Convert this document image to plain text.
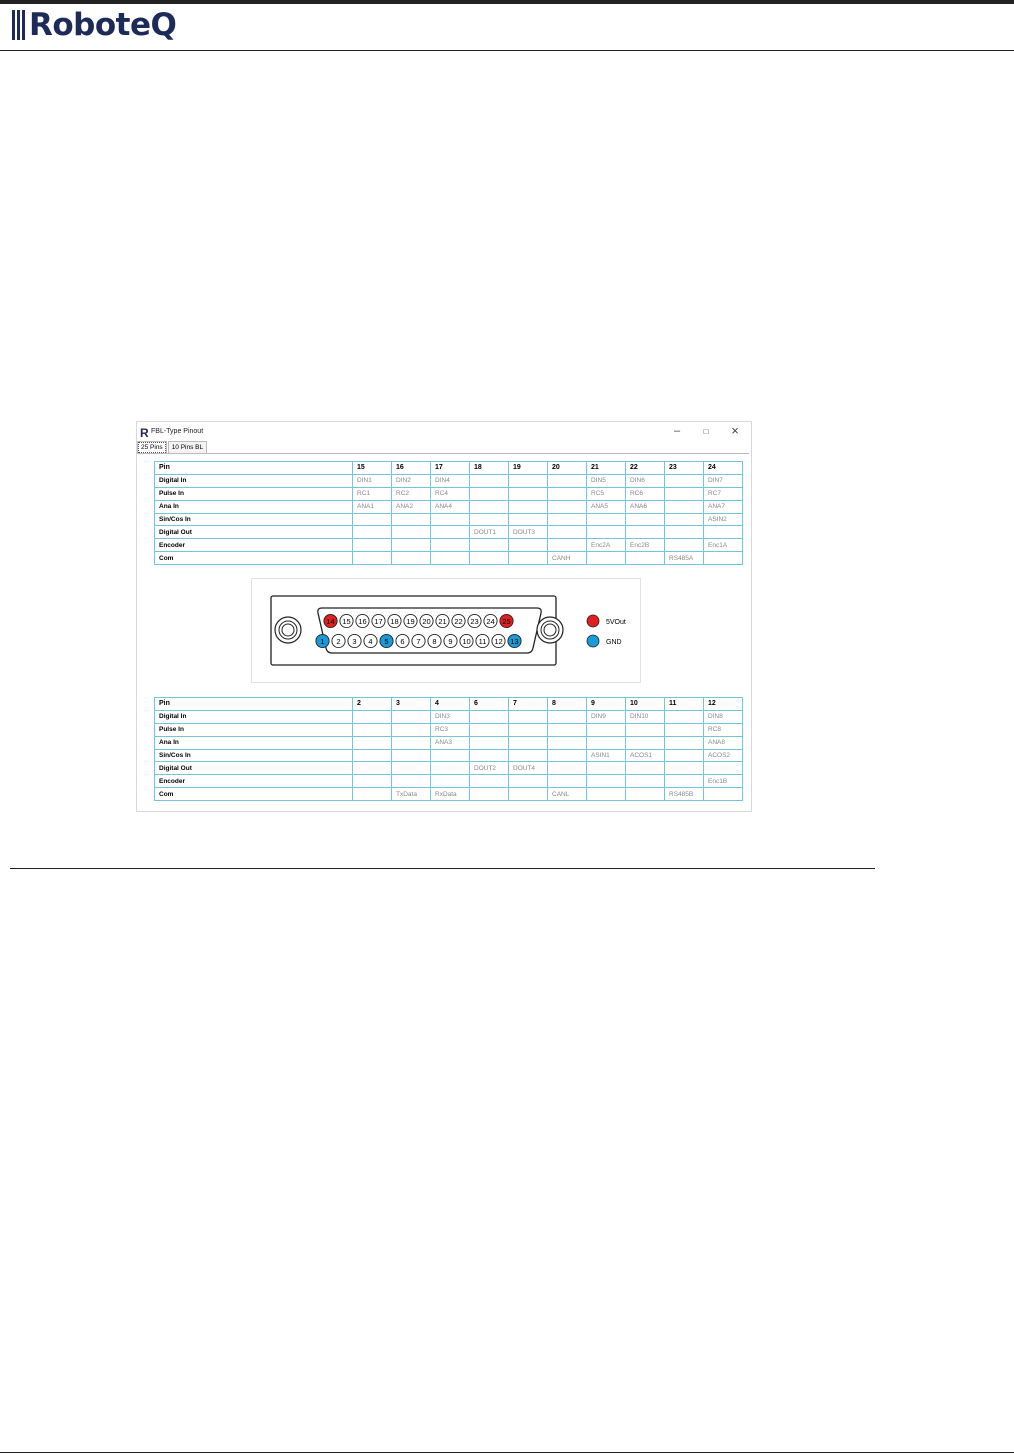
RoboteQ
R FBL-Type Pinout	–	□	×
25 Pins	10 Pins BL
Pin	15	16	17	18	19	20	21	22	23	24
Digital In	DIN1	DIN2	DIN4				DIN5	DIN6		DIN7
Pulse In	RC1	RC2	RC4				RC5	RC6		RC7
Ana In	ANA1	ANA2	ANA4				ANA5	ANA6		ANA7
Sin/Cos In										ASIN2
Digital Out				DOUT1	DOUT3					
Encoder							Enc2A	Enc2B		Enc1A
Com						CANH			RS485A	
14 15 16 17 18 19 20 21 22 23 24 25
1 2 3 4 5 6 7 8 9 10 11 12 13
5VOut
GND
Pin	2	3	4	6	7	8	9	10	11	12
Digital In			DIN3				DIN9	DIN10		DIN8
Pulse In			RC3							RC8
Ana In			ANA3							ANA8
Sin/Cos In							ASIN1	ACOS1		ACOS2
Digital Out				DOUT2	DOUT4					
Encoder										Enc1B
Com		TxData	RxData			CANL			RS485B	
